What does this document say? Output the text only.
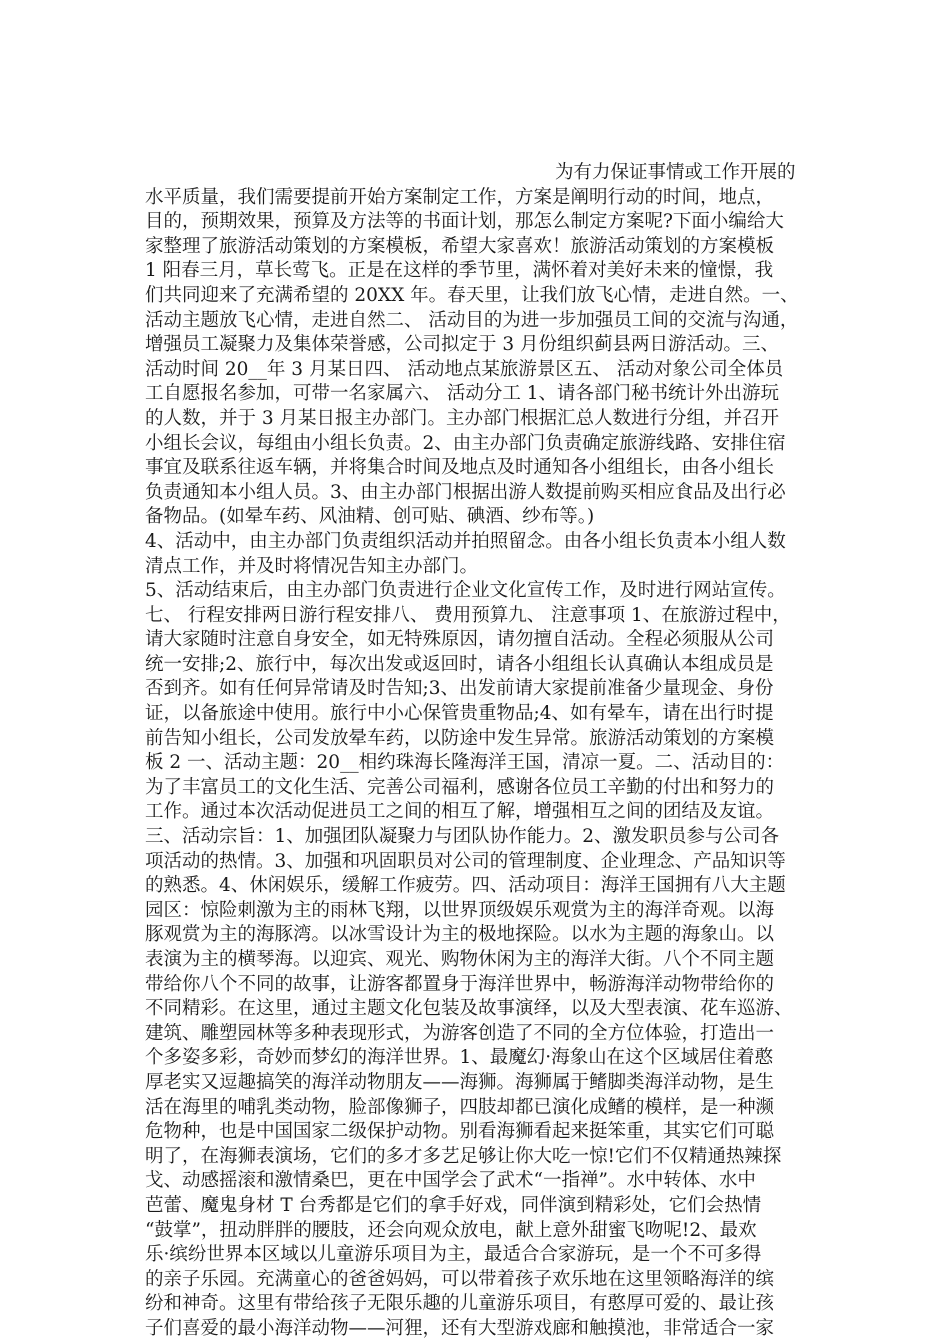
为有力保证事情或工作开展的
水平质量，我们需要提前开始方案制定工作，方案是阐明行动的时间，地点，
目的，预期效果，预算及方法等的书面计划，那怎么制定方案呢?下面小编给大
家整理了旅游活动策划的方案模板，希望大家喜欢！旅游活动策划的方案模板
1 阳春三月，草长莺飞。正是在这样的季节里，满怀着对美好未来的憧憬，我
们共同迎来了充满希望的 20XX 年。春天里，让我们放飞心情，走进自然。一、
活动主题放飞心情，走进自然二、 活动目的为进一步加强员工间的交流与沟通，
增强员工凝聚力及集体荣誉感，公司拟定于 3 月份组织蓟县两日游活动。三、
活动时间 20__年 3 月某日四、 活动地点某旅游景区五、 活动对象公司全体员
工自愿报名参加，可带一名家属六、 活动分工 1、请各部门秘书统计外出游玩
的人数，并于 3 月某日报主办部门。主办部门根据汇总人数进行分组，并召开
小组长会议，每组由小组长负责。2、由主办部门负责确定旅游线路、安排住宿
事宜及联系往返车辆，并将集合时间及地点及时通知各小组组长，由各小组长
负责通知本小组人员。3、由主办部门根据出游人数提前购买相应食品及出行必
备物品。(如晕车药、风油精、创可贴、碘酒、纱布等。)
4、活动中，由主办部门负责组织活动并拍照留念。由各小组长负责本小组人数
清点工作，并及时将情况告知主办部门。
5、活动结束后，由主办部门负责进行企业文化宣传工作，及时进行网站宣传。
七、 行程安排两日游行程安排八、 费用预算九、 注意事项 1、在旅游过程中，
请大家随时注意自身安全，如无特殊原因，请勿擅自活动。全程必须服从公司
统一安排;2、旅行中，每次出发或返回时，请各小组组长认真确认本组成员是
否到齐。如有任何异常请及时告知;3、出发前请大家提前准备少量现金、身份
证，以备旅途中使用。旅行中小心保管贵重物品;4、如有晕车，请在出行时提
前告知小组长，公司发放晕车药，以防途中发生异常。旅游活动策划的方案模
板 2 一、活动主题：20__相约珠海长隆海洋王国，清凉一夏。二、活动目的：
为了丰富员工的文化生活、完善公司福利，感谢各位员工辛勤的付出和努力的
工作。通过本次活动促进员工之间的相互了解，增强相互之间的团结及友谊。
三、活动宗旨：1、加强团队凝聚力与团队协作能力。2、激发职员参与公司各
项活动的热情。3、加强和巩固职员对公司的管理制度、企业理念、产品知识等
的熟悉。4、休闲娱乐，缓解工作疲劳。四、活动项目：海洋王国拥有八大主题
园区：惊险刺激为主的雨林飞翔，以世界顶级娱乐观赏为主的海洋奇观。以海
豚观赏为主的海豚湾。以冰雪设计为主的极地探险。以水为主题的海象山。以
表演为主的横琴海。以迎宾、观光、购物休闲为主的海洋大街。八个不同主题
带给你八个不同的故事，让游客都置身于海洋世界中，畅游海洋动物带给你的
不同精彩。在这里，通过主题文化包装及故事演绎，以及大型表演、花车巡游、
建筑、雕塑园林等多种表现形式，为游客创造了不同的全方位体验，打造出一
个多姿多彩，奇妙而梦幻的海洋世界。1、最魔幻·海象山在这个区域居住着憨
厚老实又逗趣搞笑的海洋动物朋友——海狮。海狮属于鳍脚类海洋动物，是生
活在海里的哺乳类动物，脸部像狮子，四肢却都已演化成鳍的模样，是一种濒
危物种，也是中国国家二级保护动物。别看海狮看起来挺笨重，其实它们可聪
明了，在海狮表演场，它们的多才多艺足够让你大吃一惊!它们不仅精通热辣探
戈、动感摇滚和激情桑巴，更在中国学会了武术“一指禅”。水中转体、水中
芭蕾、魔鬼身材 T 台秀都是它们的拿手好戏，同伴演到精彩处，它们会热情
“鼓掌”，扭动胖胖的腰肢，还会向观众放电，献上意外甜蜜飞吻呢!2、最欢
乐·缤纷世界本区域以儿童游乐项目为主，最适合合家游玩，是一个不可多得
的亲子乐园。充满童心的爸爸妈妈，可以带着孩子欢乐地在这里领略海洋的缤
纷和神奇。这里有带给孩子无限乐趣的儿童游乐项目，有憨厚可爱的、最让孩
子们喜爱的最小海洋动物——河狸，还有大型游戏廊和触摸池，非常适合一家
